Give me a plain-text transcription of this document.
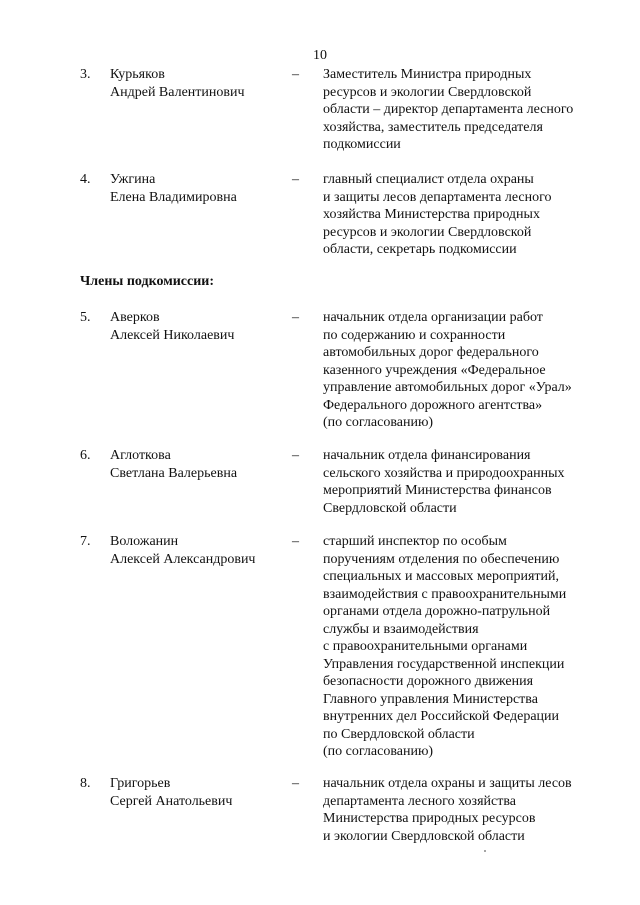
10
3. Курьяков
Андрей Валентинович
– Заместитель Министра природных
ресурсов и экологии Свердловской
области – директор департамента лесного
хозяйства, заместитель председателя
подкомиссии
4. Ужгина
Елена Владимировна
– главный специалист отдела охраны
и защиты лесов департамента лесного
хозяйства Министерства природных
ресурсов и экологии Свердловской
области, секретарь подкомиссии
Члены подкомиссии:
5. Аверков
Алексей Николаевич
– начальник отдела организации работ
по содержанию и сохранности
автомобильных дорог федерального
казенного учреждения «Федеральное
управление автомобильных дорог «Урал»
Федерального дорожного агентства»
(по согласованию)
6. Аглоткова
Светлана Валерьевна
– начальник отдела финансирования
сельского хозяйства и природоохранных
мероприятий Министерства финансов
Свердловской области
7. Воложанин
Алексей Александрович
– старший инспектор по особым
поручениям отделения по обеспечению
специальных и массовых мероприятий,
взаимодействия с правоохранительными
органами отдела дорожно-патрульной
службы и взаимодействия
с правоохранительными органами
Управления государственной инспекции
безопасности дорожного движения
Главного управления Министерства
внутренних дел Российской Федерации
по Свердловской области
(по согласованию)
8. Григорьев
Сергей Анатольевич
– начальник отдела охраны и защиты лесов
департамента лесного хозяйства
Министерства природных ресурсов
и экологии Свердловской области
